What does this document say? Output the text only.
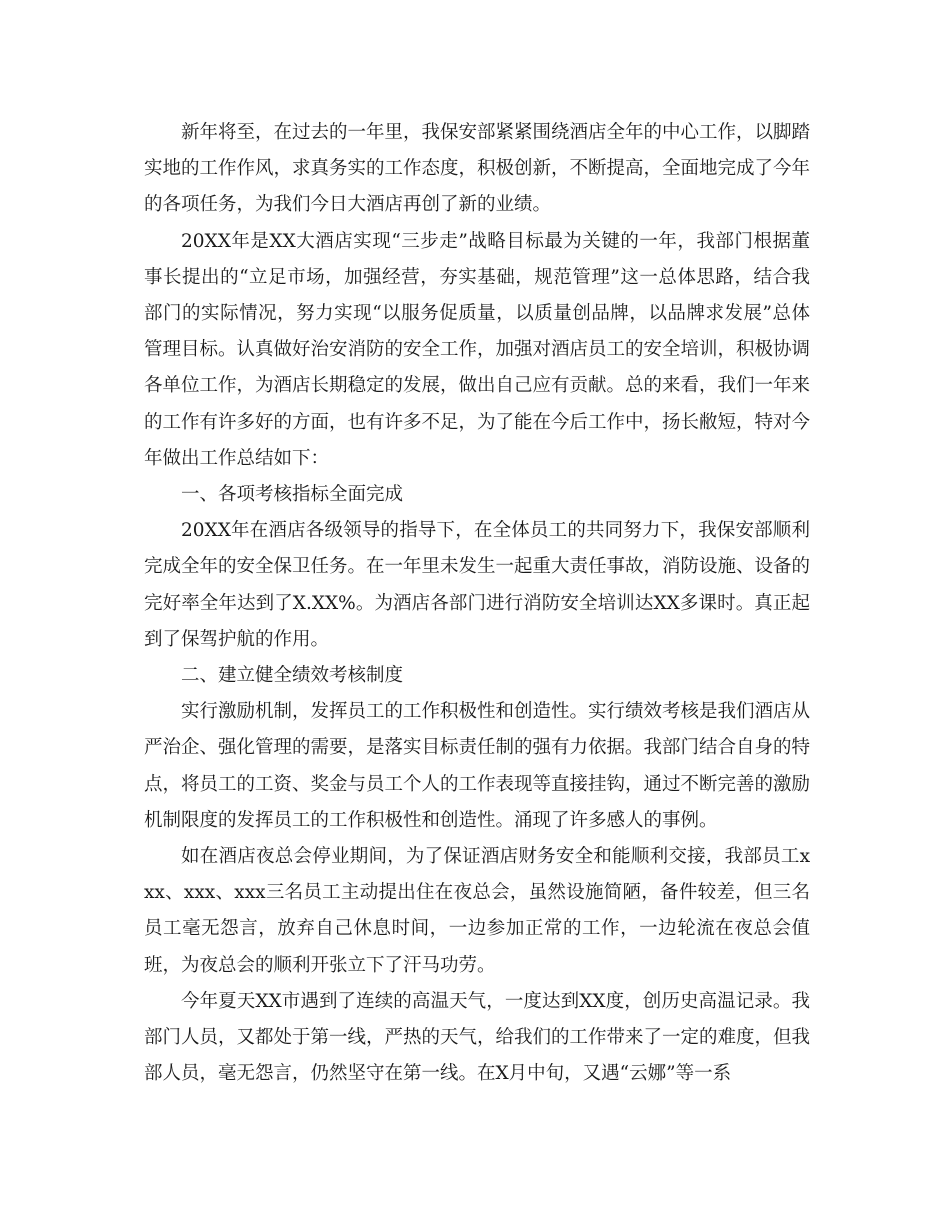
新年将至，在过去的一年里，我保安部紧紧围绕酒店全年的中心工作，以脚踏实地的工作作风，求真务实的工作态度，积极创新，不断提高，全面地完成了今年的各项任务，为我们今日大酒店再创了新的业绩。

20XX年是XX大酒店实现“三步走”战略目标最为关键的一年，我部门根据董事长提出的“立足市场，加强经营，夯实基础，规范管理”这一总体思路，结合我部门的实际情况，努力实现“以服务促质量，以质量创品牌，以品牌求发展”总体管理目标。认真做好治安消防的安全工作，加强对酒店员工的安全培训，积极协调各单位工作，为酒店长期稳定的发展，做出自己应有贡献。总的来看，我们一年来的工作有许多好的方面，也有许多不足，为了能在今后工作中，扬长敝短，特对今年做出工作总结如下：

一、各项考核指标全面完成

20XX年在酒店各级领导的指导下，在全体员工的共同努力下，我保安部顺利完成全年的安全保卫任务。在一年里未发生一起重大责任事故，消防设施、设备的完好率全年达到了X.XX%。为酒店各部门进行消防安全培训达XX多课时。真正起到了保驾护航的作用。

二、建立健全绩效考核制度

实行激励机制，发挥员工的工作积极性和创造性。实行绩效考核是我们酒店从严治企、强化管理的需要，是落实目标责任制的强有力依据。我部门结合自身的特点，将员工的工资、奖金与员工个人的工作表现等直接挂钩，通过不断完善的激励机制限度的发挥员工的工作积极性和创造性。涌现了许多感人的事例。

如在酒店夜总会停业期间，为了保证酒店财务安全和能顺利交接，我部员工xxx、xxx、xxx三名员工主动提出住在夜总会，虽然设施简陋，备件较差，但三名员工毫无怨言，放弃自己休息时间，一边参加正常的工作，一边轮流在夜总会值班，为夜总会的顺利开张立下了汗马功劳。

今年夏天XX市遇到了连续的高温天气，一度达到XX度，创历史高温记录。我部门人员，又都处于第一线，严热的天气，给我们的工作带来了一定的难度，但我部人员，毫无怨言，仍然坚守在第一线。在X月中旬，又遇“云娜”等一系
